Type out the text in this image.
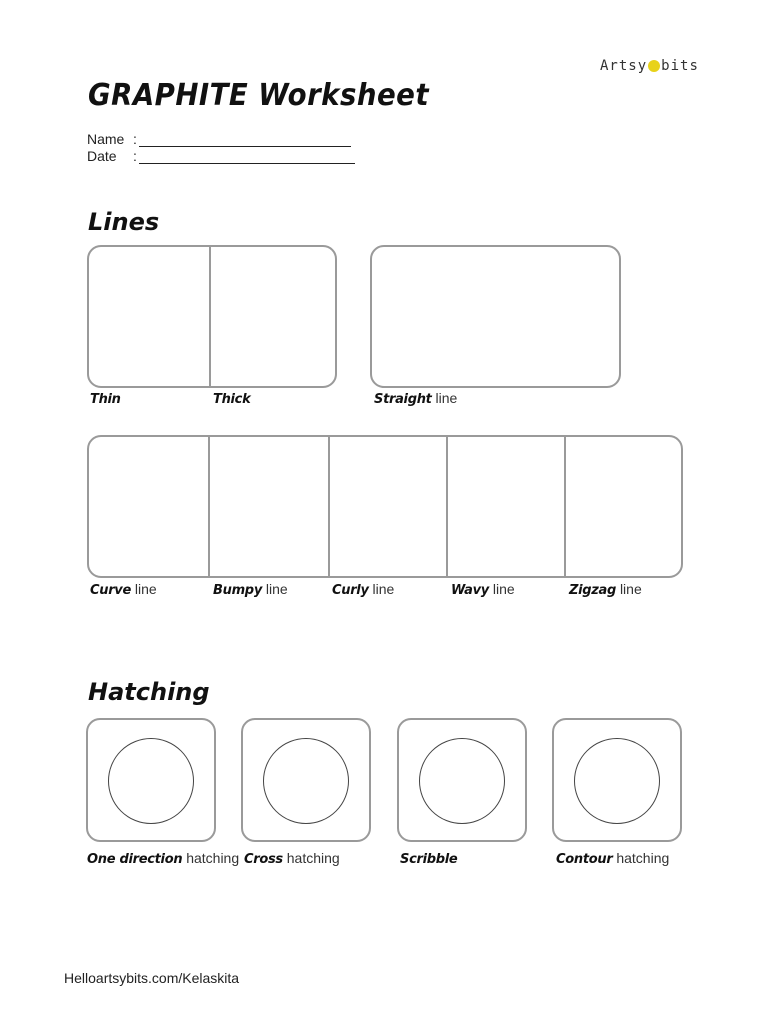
Artsy bits
GRAPHITE Worksheet
Name :
Date	:
Lines
Thin	Thick	Straight line
Curve line	Bumpy line	Curly line	Wavy line	Zigzag line
Hatching
One direction hatching Cross hatching	Scribble	Contour hatching
Helloartsybits.com/Kelaskita
